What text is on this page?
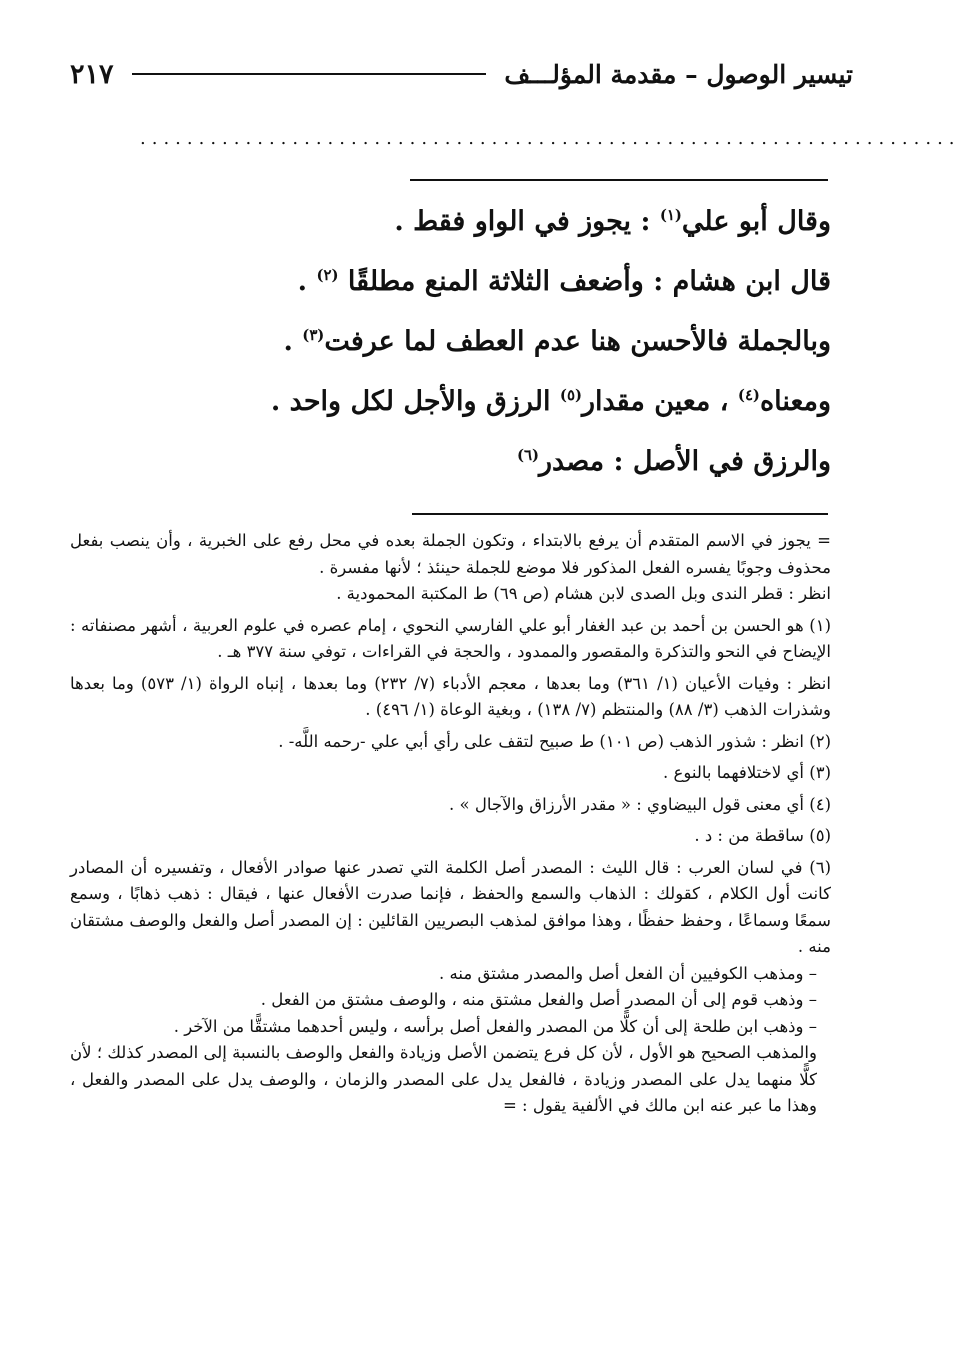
تيسير الوصول – مقدمة المؤلـــف
٢١٧
......................................................................
وقال أبو علي$^{(١)}$ : يجوز في الواو فقط .
قال ابن هشام : وأضعف الثلاثة المنع مطلقًا $^{(٢)}$ .
وبالجملة فالأحسن هنا عدم العطف لما عرفت$^{(٣)}$ .
ومعناه$^{(٤)}$ ، معين مقدار$^{(٥)}$ الرزق والأجل لكل واحد .
والرزق في الأصل : مصدر$^{(٦)}$

= يجوز في الاسم المتقدم أن يرفع بالابتداء ، وتكون الجملة بعده في محل رفع على الخبرية ، وأن ينصب بفعل محذوف وجوبًا يفسره الفعل المذكور فلا موضع للجملة حينئذ ؛ لأنها مفسرة .

انظر : قطر الندى وبل الصدى لابن هشام (ص ٦٩) ط المكتبة المحمودية .

(١) هو الحسن بن أحمد بن عبد الغفار أبو علي الفارسي النحوي ، إمام عصره في علوم العربية ، أشهر مصنفاته : الإيضاح في النحو والتذكرة والمقصور والممدود ، والحجة في القراءات ، توفي سنة ٣٧٧ هـ .

انظر : وفيات الأعيان (١/ ٣٦١) وما بعدها ، معجم الأدباء (٧/ ٢٣٢) وما بعدها ، إنباه الرواة (١/ ٥٧٣) وما بعدها وشذرات الذهب (٣/ ٨٨) والمنتظم (٧/ ١٣٨) ، وبغية الوعاة (١/ ٤٩٦) .

(٢) انظر : شذور الذهب (ص ١٠١) ط صبيح لتقف على رأي أبي علي -رحمه اللَّه- .

(٣) أي لاختلافهما بالنوع .

(٤) أي معنى قول البيضاوي : « مقدر الأرزاق والآجال » .

(٥) ساقطة من : د .

(٦) في لسان العرب : قال الليث : المصدر أصل الكلمة التي تصدر عنها صوادر الأفعال ، وتفسيره أن المصادر كانت أول الكلام ، كقولك : الذهاب والسمع والحفظ ، فإنما صدرت الأفعال عنها ، فيقال : ذهب ذهابًا ، وسمع سمعًا وسماعًا ، وحفظ حفظًا ، وهذا موافق لمذهب البصريين القائلين : إن المصدر أصل والفعل والوصف مشتقان منه .

– ومذهب الكوفيين أن الفعل أصل والمصدر مشتق منه .

– وذهب قوم إلى أن المصدر أصل والفعل مشتق منه ، والوصف مشتق من الفعل .

– وذهب ابن طلحة إلى أن كلًّا من المصدر والفعل أصل برأسه ، وليس أحدهما مشتقًّا من الآخر .

والمذهب الصحيح هو الأول ، لأن كل فرع يتضمن الأصل وزيادة والفعل والوصف بالنسبة إلى المصدر كذلك ؛ لأن كلًّا منهما يدل على المصدر وزيادة ، فالفعل يدل على المصدر والزمان ، والوصف يدل على المصدر والفعل ، وهذا ما عبر عنه ابن مالك في الألفية يقول : =
